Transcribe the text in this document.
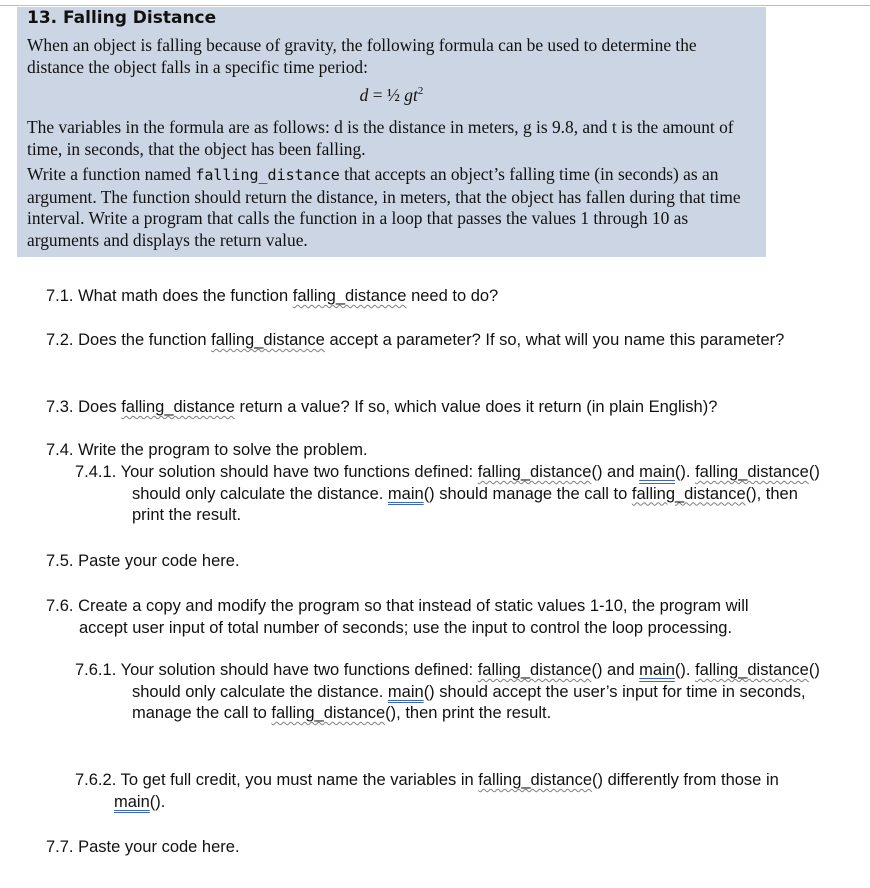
13. Falling Distance

When an object is falling because of gravity, the following formula can be used to determine the distance the object falls in a specific time period:

d = ½ $gt^2$

The variables in the formula are as follows: d is the distance in meters, g is 9.8, and t is the amount of time, in seconds, that the object has been falling.

Write a function named falling_distance that accepts an object’s falling time (in seconds) as an argument. The function should return the distance, in meters, that the object has fallen during that time interval. Write a program that calls the function in a loop that passes the values 1 through 10 as arguments and displays the return value.

7.1. What math does the function falling_distance need to do?

7.2. Does the function falling_distance accept a parameter? If so, what will you name this parameter?

7.3. Does falling_distance return a value? If so, which value does it return (in plain English)?

7.4. Write the program to solve the problem.

7.4.1. Your solution should have two functions defined: falling_distance() and main(). falling_distance() should only calculate the distance. main() should manage the call to falling_distance(), then print the result.

7.5. Paste your code here.

7.6. Create a copy and modify the program so that instead of static values 1-10, the program will accept user input of total number of seconds; use the input to control the loop processing.

7.6.1. Your solution should have two functions defined: falling_distance() and main(). falling_distance() should only calculate the distance. main() should accept the user’s input for time in seconds, manage the call to falling_distance(), then print the result.

7.6.2. To get full credit, you must name the variables in falling_distance() differently from those in main().

7.7. Paste your code here.
